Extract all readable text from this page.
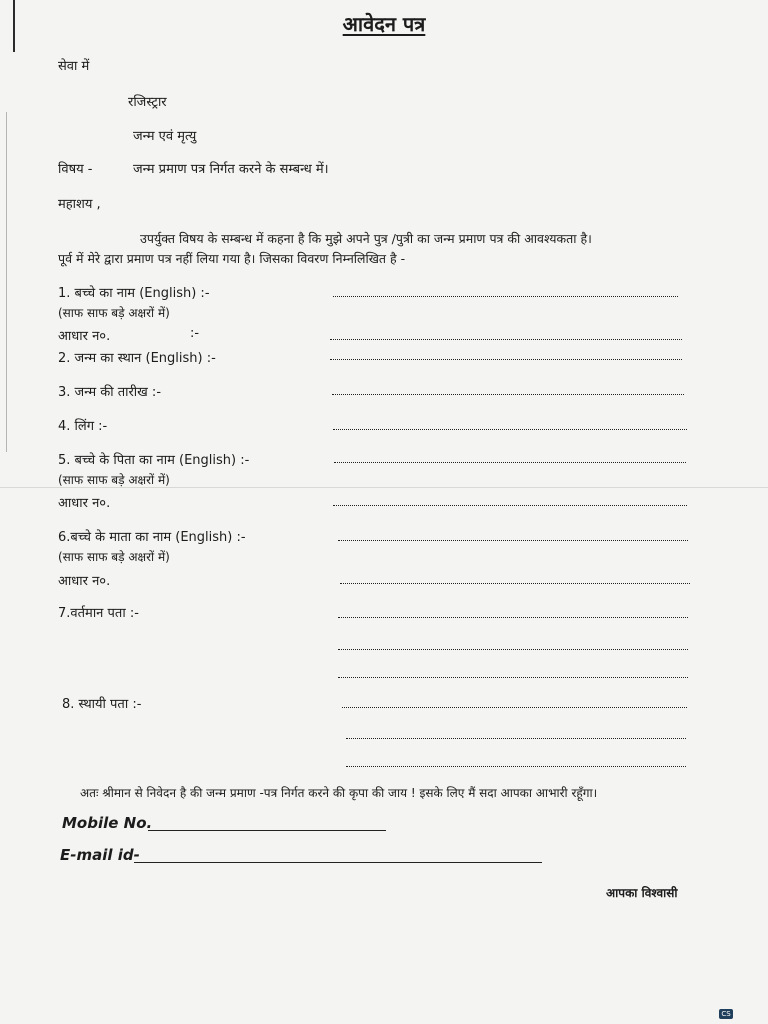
आवेदन पत्र
सेवा में
रजिस्ट्रार
जन्म एवं मृत्यु
विषय -	जन्म प्रमाण पत्र निर्गत करने के सम्बन्ध में।
महाशय ,
उपर्युक्त विषय के सम्बन्ध में कहना है कि मुझे अपने पुत्र /पुत्री का जन्म प्रमाण पत्र की आवश्यकता है।
पूर्व में मेरे द्वारा प्रमाण पत्र नहीं लिया गया है। जिसका विवरण निम्नलिखित है -
1. बच्चे का नाम (English) :-
(साफ साफ बड़े अक्षरों में)
आधार न०.	:-
2. जन्म का स्थान (English) :-
3. जन्म की तारीख :-
4. लिंग :-
5. बच्चे के पिता का नाम (English) :-
(साफ साफ बड़े अक्षरों में)
आधार न०.
6.बच्चे के माता का नाम (English) :-
(साफ साफ बड़े अक्षरों में)
आधार न०.
7.वर्तमान पता :-
8. स्थायी पता :-
अतः श्रीमान से निवेदन है की जन्म प्रमाण -पत्र निर्गत करने की कृपा की जाय ! इसके लिए मैं सदा आपका आभारी रहूँगा।
Mobile No.
E-mail id-
आपका विश्वासी
CS
